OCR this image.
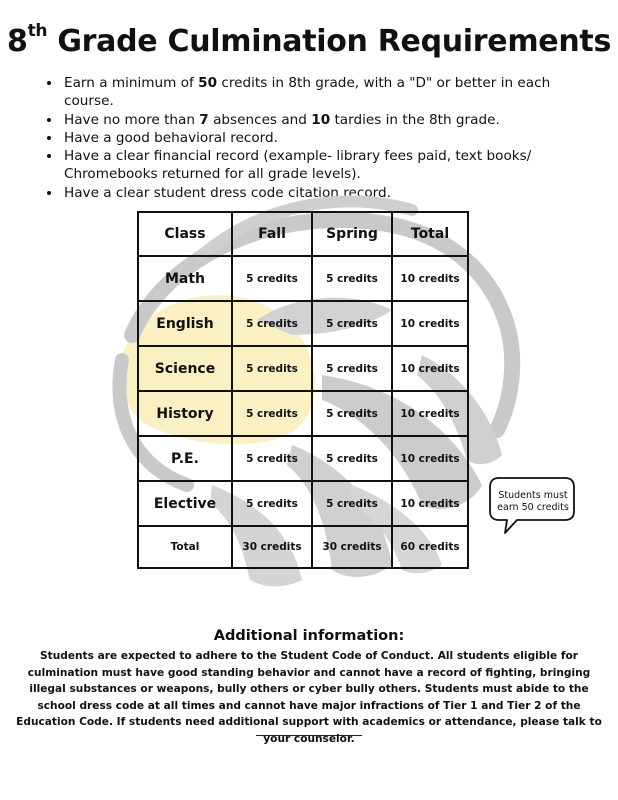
8th Grade Culmination Requirements
• Earn a minimum of 50 credits in 8th grade, with a "D" or better in each course.
• Have no more than 7 absences and 10 tardies in the 8th grade.
• Have a good behavioral record.
• Have a clear financial record (example- library fees paid, text books/ Chromebooks returned for all grade levels).
• Have a clear student dress code citation record.
Class	Fall	Spring	Total
Math	5 credits	5 credits	10 credits
English	5 credits	5 credits	10 credits
Science	5 credits	5 credits	10 credits
History	5 credits	5 credits	10 credits
P.E.	5 credits	5 credits	10 credits
Elective	5 credits	5 credits	10 credits
Total	30 credits	30 credits	60 credits
Students must
earn 50 credits
Additional information:
Students are expected to adhere to the Student Code of Conduct. All students eligible for culmination must have good standing behavior and cannot have a record of fighting, bringing illegal substances or weapons, bully others or cyber bully others. Students must abide to the school dress code at all times and cannot have major infractions of Tier 1 and Tier 2 of the Education Code. If students need additional support with academics or attendance, please talk to your counselor.
